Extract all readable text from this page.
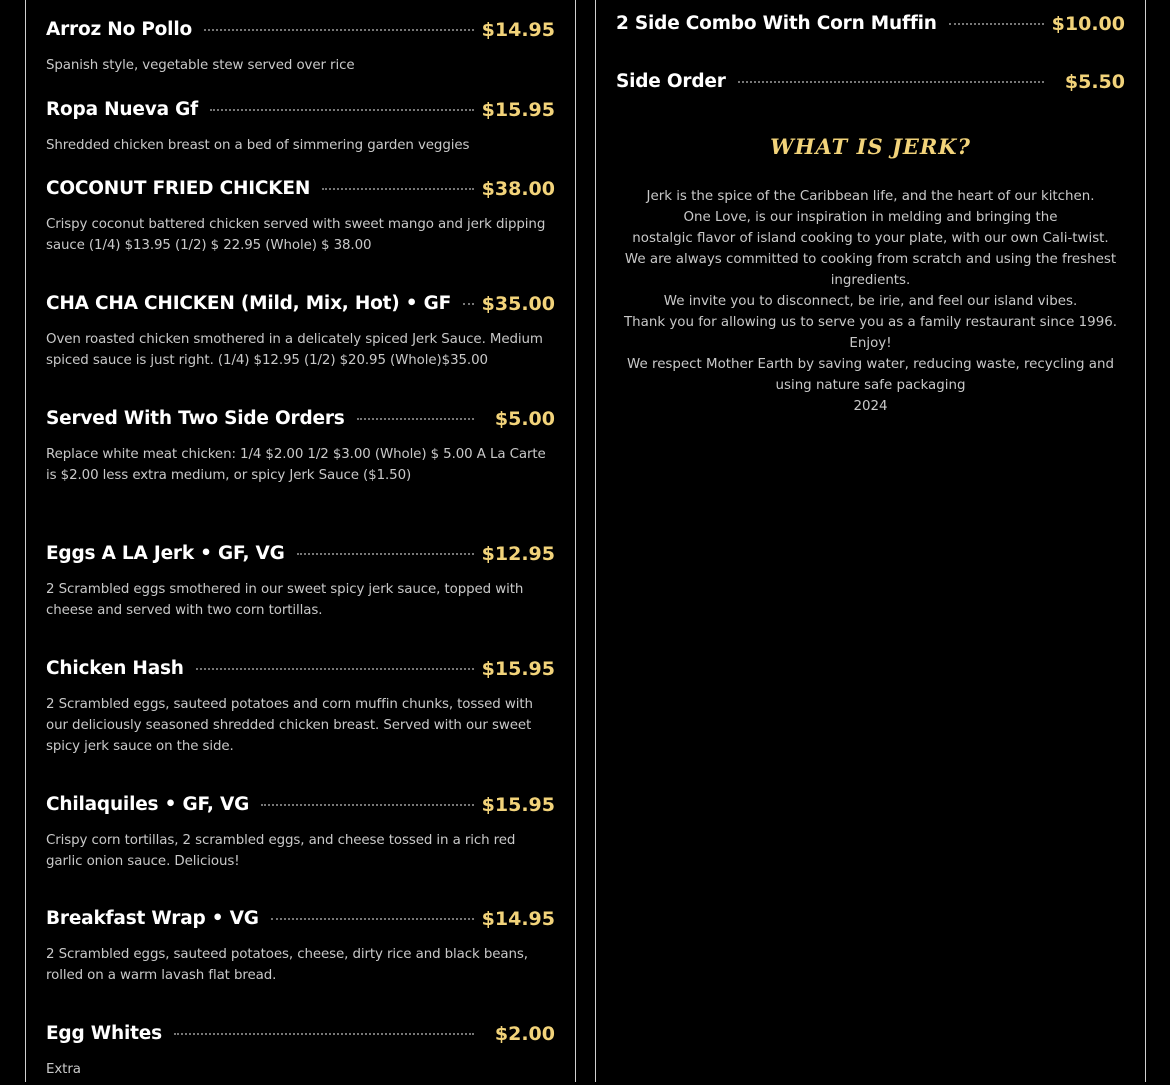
Arroz No Pollo	$14.95
Spanish style, vegetable stew served over rice
Ropa Nueva Gf	$15.95
Shredded chicken breast on a bed of simmering garden veggies
COCONUT FRIED CHICKEN	$38.00
Crispy coconut battered chicken served with sweet mango and jerk dipping sauce (1/4) $13.95 (1/2) $ 22.95 (Whole) $ 38.00
CHA CHA CHICKEN (Mild, Mix, Hot) • GF $35.00
Oven roasted chicken smothered in a delicately spiced Jerk Sauce. Medium spiced sauce is just right. (1/4) $12.95 (1/2) $20.95 (Whole)$35.00
Served With Two Side Orders	$5.00
Replace white meat chicken: 1/4 $2.00 1/2 $3.00 (Whole) $ 5.00 A La Carte is $2.00 less extra medium, or spicy Jerk Sauce ($1.50)
Eggs A LA Jerk • GF, VG	$12.95
2 Scrambled eggs smothered in our sweet spicy jerk sauce, topped with cheese and served with two corn tortillas.
Chicken Hash	$15.95
2 Scrambled eggs, sauteed potatoes and corn muffin chunks, tossed with our deliciously seasoned shredded chicken breast. Served with our sweet spicy jerk sauce on the side.
Chilaquiles • GF, VG	$15.95
Crispy corn tortillas, 2 scrambled eggs, and cheese tossed in a rich red garlic onion sauce. Delicious!
Breakfast Wrap • VG	$14.95
2 Scrambled eggs, sauteed potatoes, cheese, dirty rice and black beans, rolled on a warm lavash flat bread.
Egg Whites	$2.00
Extra
2 Side Combo With Corn Muffin	$10.00
Side Order	$5.50
WHAT IS JERK?
Jerk is the spice of the Caribbean life, and the heart of our kitchen.
One Love, is our inspiration in melding and bringing the
nostalgic flavor of island cooking to your plate, with our own Cali-twist.
We are always committed to cooking from scratch and using the freshest ingredients.
We invite you to disconnect, be irie, and feel our island vibes.
Thank you for allowing us to serve you as a family restaurant since 1996. Enjoy!
We respect Mother Earth by saving water, reducing waste, recycling and using nature safe packaging
2024
